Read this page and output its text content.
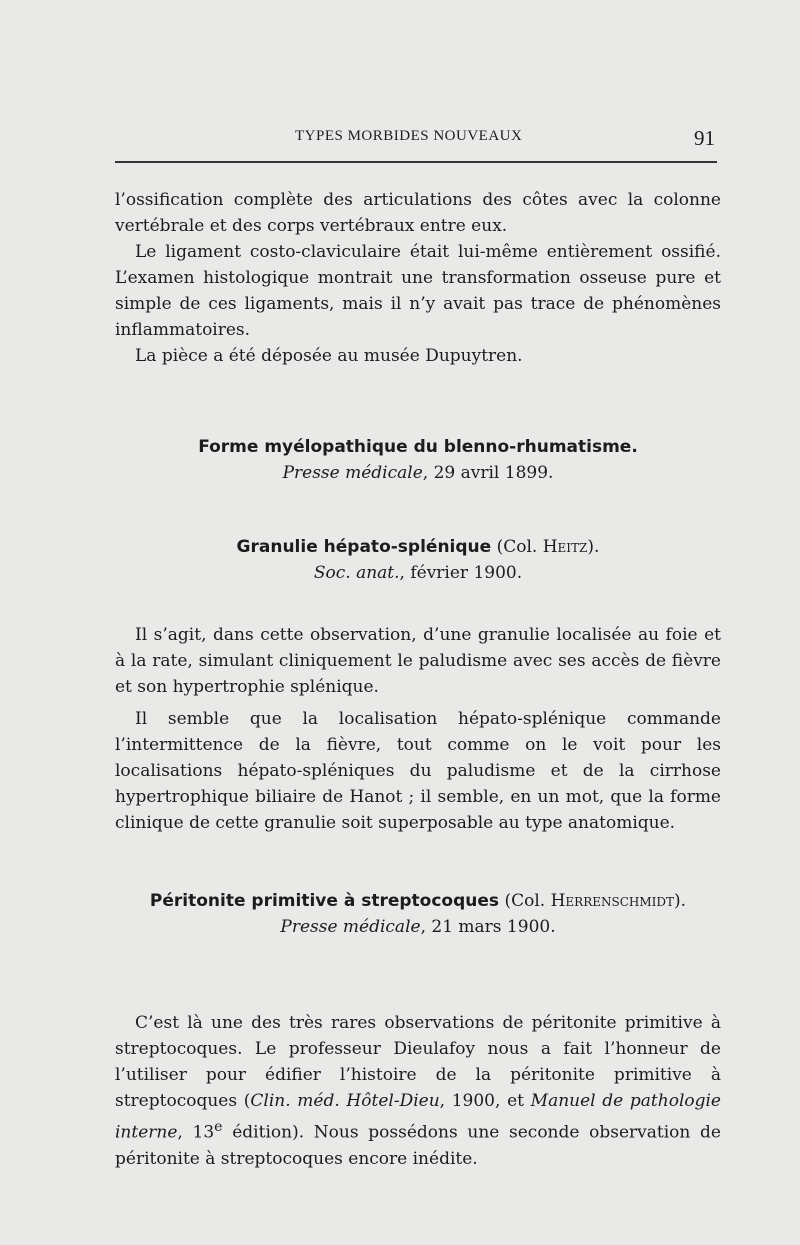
TYPES MORBIDES NOUVEAUX	91

l’ossification complète des articulations des côtes avec la colonne vertébrale et des corps vertébraux entre eux.

Le ligament costo-claviculaire était lui-même entièrement ossifié. L’examen histologique montrait une transformation osseuse pure et simple de ces ligaments, mais il n’y avait pas trace de phénomènes inflammatoires.

La pièce a été déposée au musée Dupuytren.

Forme myélopathique du blenno-rhumatisme.
Presse médicale, 29 avril 1899.
Granulie hépato-splénique (Col. Heitz).
Soc. anat., février 1900.

Il s’agit, dans cette observation, d’une granulie localisée au foie et à la rate, simulant cliniquement le paludisme avec ses accès de fièvre et son hypertrophie splénique.

Il semble que la localisation hépato-splénique commande l’intermittence de la fièvre, tout comme on le voit pour les localisations hépato-spléniques du paludisme et de la cirrhose hypertrophique biliaire de Hanot ; il semble, en un mot, que la forme clinique de cette granulie soit superposable au type anatomique.

Péritonite primitive à streptocoques (Col. Herrenschmidt).
Presse médicale, 21 mars 1900.

C’est là une des très rares observations de péritonite primitive à streptocoques. Le professeur Dieulafoy nous a fait l’honneur de l’utiliser pour édifier l’histoire de la péritonite primitive à streptocoques (Clin. méd. Hôtel-Dieu, 1900, et Manuel de pathologie interne, 13e édition). Nous possédons une seconde observation de péritonite à streptocoques encore inédite.
